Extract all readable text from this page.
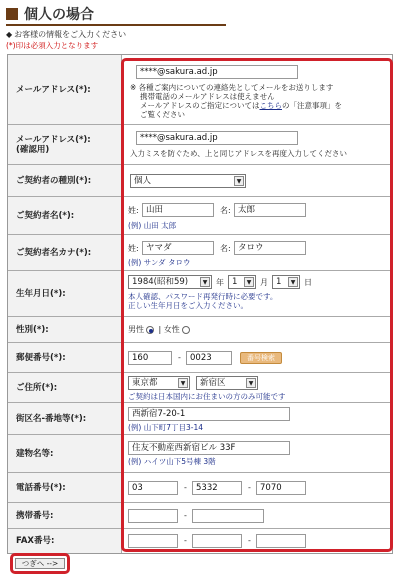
個人の場合
◆ お客様の情報をご入力ください
(*)印は必須入力となります
メールアドレス(*):
****@sakura.ad.jp
※ 各種ご案内についての連絡先としてメールをお送りします
携帯電話のメールアドレスは使えません
メールアドレスのご指定についてはこちらの「注意事項」を
ご覧ください
メールアドレス(*):
(確認用)
****@sakura.ad.jp
入力ミスを防ぐため、上と同じアドレスを再度入力してください
ご契約者の種別(*):	個人	▼
ご契約者名(*):	姓: 山田	名: 太郎
(例) 山田 太郎
ご契約者名カナ(*):	姓: ヤマダ	名: タロウ
(例) サンダ タロウ
生年月日(*):
1984(昭和59)	▼	年 1	▼	月 1	▼	日
本人確認、パスワード再発行時に必要です。
正しい生年月日をご入力ください。
性別(*):	男性 | 女性
郵便番号(*):	160	-	0023	番号検索
ご住所(*):	東京都	▼	新宿区	▼
ご契約は日本国内にお住まいの方のみ可能です
街区名-番地等(*):	西新宿7-20-1
(例) 山下町7丁目3-14
建物名等:
住友不動産西新宿ビル 33F
(例) ハイツ山下5号棟 3階
電話番号(*):	03	-	5332	-	7070
携帯番号:	-
FAX番号:	-	-
つぎへ -->
